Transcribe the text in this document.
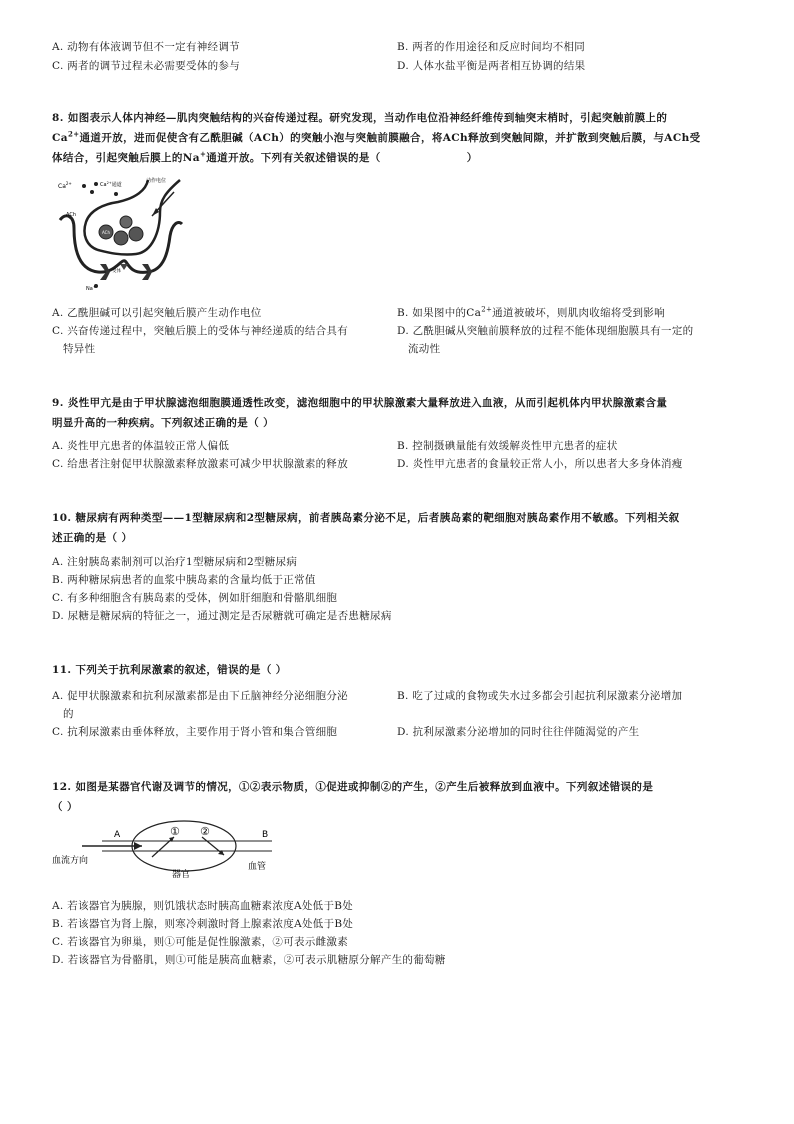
A. 动物有体液调节但不一定有神经调节	B. 两者的作用途径和反应时间均不相同
C. 两者的调节过程未必需要受体的参与	D. 人体水盐平衡是两者相互协调的结果
8. 如图表示人体内神经—肌肉突触结构的兴奋传递过程。研究发现，当动作电位沿神经纤维传到轴突末梢时，引起突触前膜上的
$Ca^{2+}$通道开放，进而促使含有乙酰胆碱（ACh）的突触小泡与突触前膜融合，将ACh释放到突触间隙，并扩散到突触后膜，与ACh受
体结合，引起突触后膜上的Na+通道开放。下列有关叙述错误的是（	）
ACh
$Ca^{2+}$	$Ca^{2+}$通道
动作电位
ACh
受体
Na+
A. 乙酰胆碱可以引起突触后膜产生动作电位	B. 如果图中的$Ca^{2+}$通道被破坏，则肌肉收缩将受到影响
C. 兴奋传递过程中，突触后膜上的受体与神经递质的结合具有
特异性
D. 乙酰胆碱从突触前膜释放的过程不能体现细胞膜具有一定的
流动性
9. 炎性甲亢是由于甲状腺滤泡细胞膜通透性改变，滤泡细胞中的甲状腺激素大量释放进入血液，从而引起机体内甲状腺激素含量
明显升高的一种疾病。下列叙述正确的是（ ）
A. 炎性甲亢患者的体温较正常人偏低	B. 控制摄碘量能有效缓解炎性甲亢患者的症状
C. 给患者注射促甲状腺激素释放激素可减少甲状腺激素的释放	D. 炎性甲亢患者的食量较正常人小，所以患者大多身体消瘦
10. 糖尿病有两种类型——1型糖尿病和2型糖尿病，前者胰岛素分泌不足，后者胰岛素的靶细胞对胰岛素作用不敏感。下列相关叙
述正确的是（ ）
A. 注射胰岛素制剂可以治疗1型糖尿病和2型糖尿病
B. 两种糖尿病患者的血浆中胰岛素的含量均低于正常值
C. 有多种细胞含有胰岛素的受体，例如肝细胞和骨骼肌细胞
D. 尿糖是糖尿病的特征之一，通过测定是否尿糖就可确定是否患糖尿病
11. 下列关于抗利尿激素的叙述，错误的是（ ）
A. 促甲状腺激素和抗利尿激素都是由下丘脑神经分泌细胞分泌
的
B. 吃了过咸的食物或失水过多都会引起抗利尿激素分泌增加
C. 抗利尿激素由垂体释放，主要作用于肾小管和集合管细胞	D. 抗利尿激素分泌增加的同时往往伴随渴觉的产生
12. 如图是某器官代谢及调节的情况，①②表示物质，①促进或抑制②的产生，②产生后被释放到血液中。下列叙述错误的是
（ ）
A	B
① ②
血流方向
器官
血管
A. 若该器官为胰腺，则饥饿状态时胰高血糖素浓度A处低于B处
B. 若该器官为肾上腺，则寒冷刺激时肾上腺素浓度A处低于B处
C. 若该器官为卵巢，则①可能是促性腺激素，②可表示雌激素
D. 若该器官为骨骼肌，则①可能是胰高血糖素，②可表示肌糖原分解产生的葡萄糖
